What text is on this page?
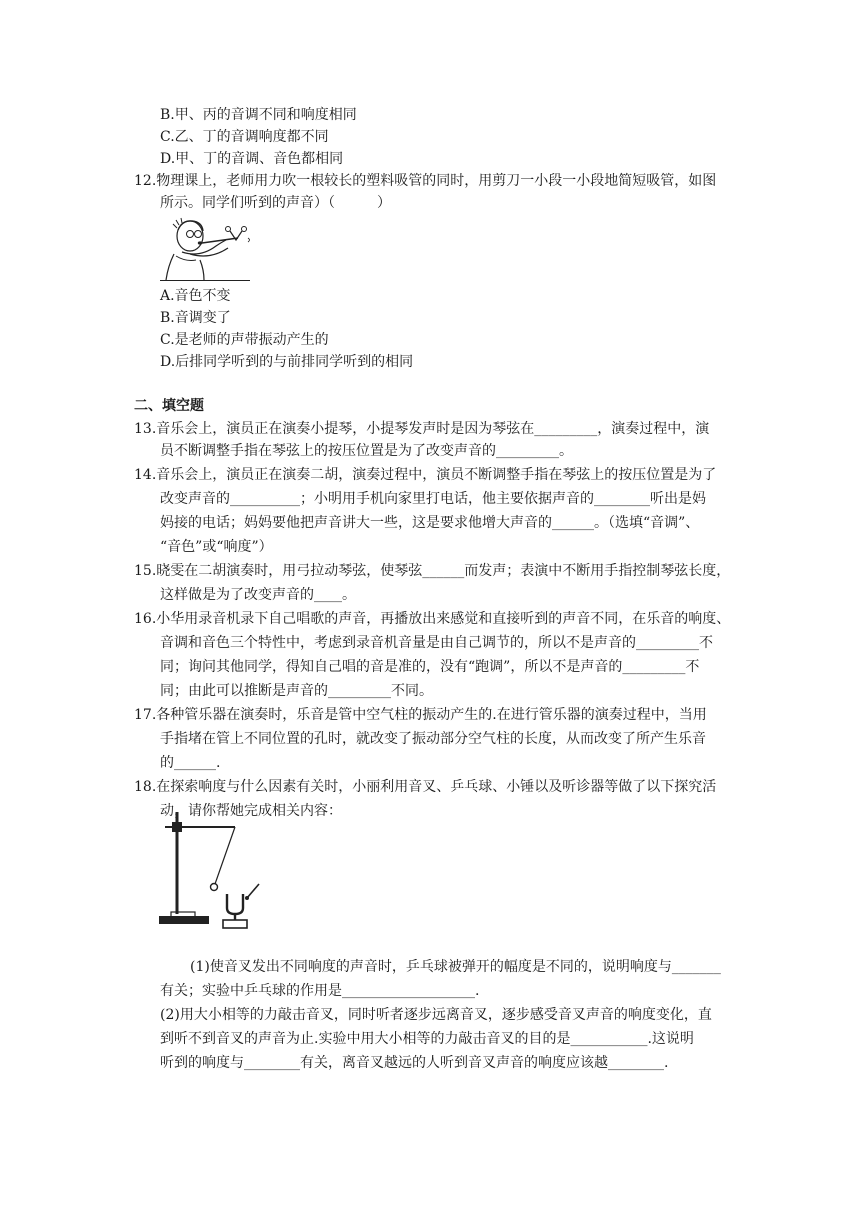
B.甲、丙的音调不同和响度相同
C.乙、丁的音调响度都不同
D.甲、丁的音调、音色都相同
12.物理课上，老师用力吹一根较长的塑料吸管的同时，用剪刀一小段一小段地简短吸管，如图
所示。同学们听到的声音）（　　　）
A.音色不变
B.音调变了
C.是老师的声带振动产生的
D.后排同学听到的与前排同学听到的相同
二、填空题
13.音乐会上，演员正在演奏小提琴，小提琴发声时是因为琴弦在_________，演奏过程中，演
员不断调整手指在琴弦上的按压位置是为了改变声音的_________。
14.音乐会上，演员正在演奏二胡，演奏过程中，演员不断调整手指在琴弦上的按压位置是为了
改变声音的__________；小明用手机向家里打电话，他主要依据声音的________听出是妈
妈接的电话；妈妈要他把声音讲大一些，这是要求他增大声音的______。（选填“音调”、
“音色”或“响度”）
15.晓雯在二胡演奏时，用弓拉动琴弦，使琴弦______而发声；表演中不断用手指控制琴弦长度，
这样做是为了改变声音的____。
16.小华用录音机录下自己唱歌的声音，再播放出来感觉和直接听到的声音不同，在乐音的响度、
音调和音色三个特性中，考虑到录音机音量是由自己调节的，所以不是声音的_________不
同；询问其他同学，得知自己唱的音是准的，没有“跑调”，所以不是声音的_________不
同；由此可以推断是声音的_________不同。
17.各种管乐器在演奏时，乐音是管中空气柱的振动产生的.在进行管乐器的演奏过程中，当用
手指堵在管上不同位置的孔时，就改变了振动部分空气柱的长度，从而改变了所产生乐音
的______.
18.在探索响度与什么因素有关时，小丽利用音叉、乒乓球、小锤以及听诊器等做了以下探究活
动，请你帮她完成相关内容：
(1)使音叉发出不同响度的声音时，乒乓球被弹开的幅度是不同的，说明响度与_______
有关；实验中乒乓球的作用是___________________.
(2)用大小相等的力敲击音叉，同时听者逐步远离音叉，逐步感受音叉声音的响度变化，直
到听不到音叉的声音为止.实验中用大小相等的力敲击音叉的目的是___________.这说明
听到的响度与________有关，离音叉越远的人听到音叉声音的响度应该越________.
